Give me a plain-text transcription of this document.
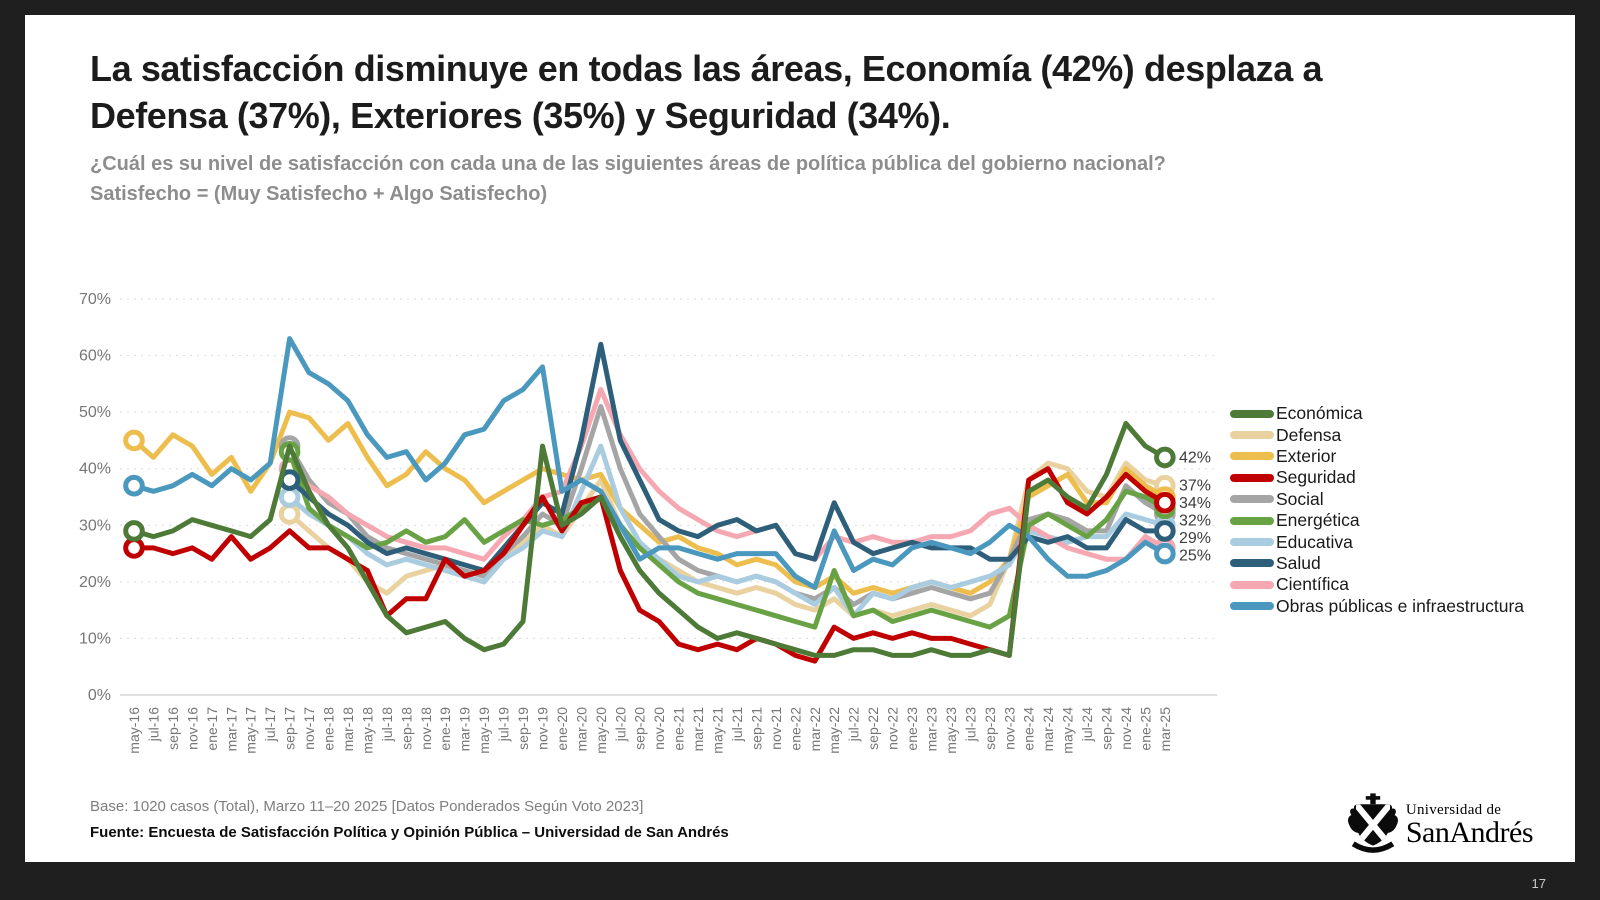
0%
10%
20%
30%
40%
50%
60%
70%
may-16 jul-16 sep-16 nov-16 ene-17 mar-17 may-17 jul-17 sep-17 nov-17 ene-18 mar-18 may-18 jul-18 sep-18 nov-18 ene-19 mar-19 may-19 jul-19 sep-19 nov-19 ene-20 mar-20 may-20 jul-20 sep-20 nov-20 ene-21 mar-21 may-21 jul-21 sep-21 nov-21 ene-22 mar-22 may-22 jul-22 sep-22 nov-22 ene-23 mar-23 may-23 jul-23 sep-23 nov-23 ene-24 mar-24 may-24 jul-24 sep-24 nov-24 ene-25 mar-25
42%
37%
34%
32%
29%
25%
La satisfacción disminuye en todas las áreas, Economía (42%) desplaza a
Defensa (37%), Exteriores (35%) y Seguridad (34%).
¿Cuál es su nivel de satisfacción con cada una de las siguientes áreas de política pública del gobierno nacional?
Satisfecho = (Muy Satisfecho + Algo Satisfecho)
Económica
Defensa
Exterior
Seguridad
Social
Energética
Educativa
Salud
Científica
Obras públicas e infraestructura
Base: 1020 casos (Total), Marzo 11–20 2025 [Datos Ponderados Según Voto 2023]
Fuente: Encuesta de Satisfacción Política y Opinión Pública – Universidad de San Andrés
Universidad de
SanAndrés
17
